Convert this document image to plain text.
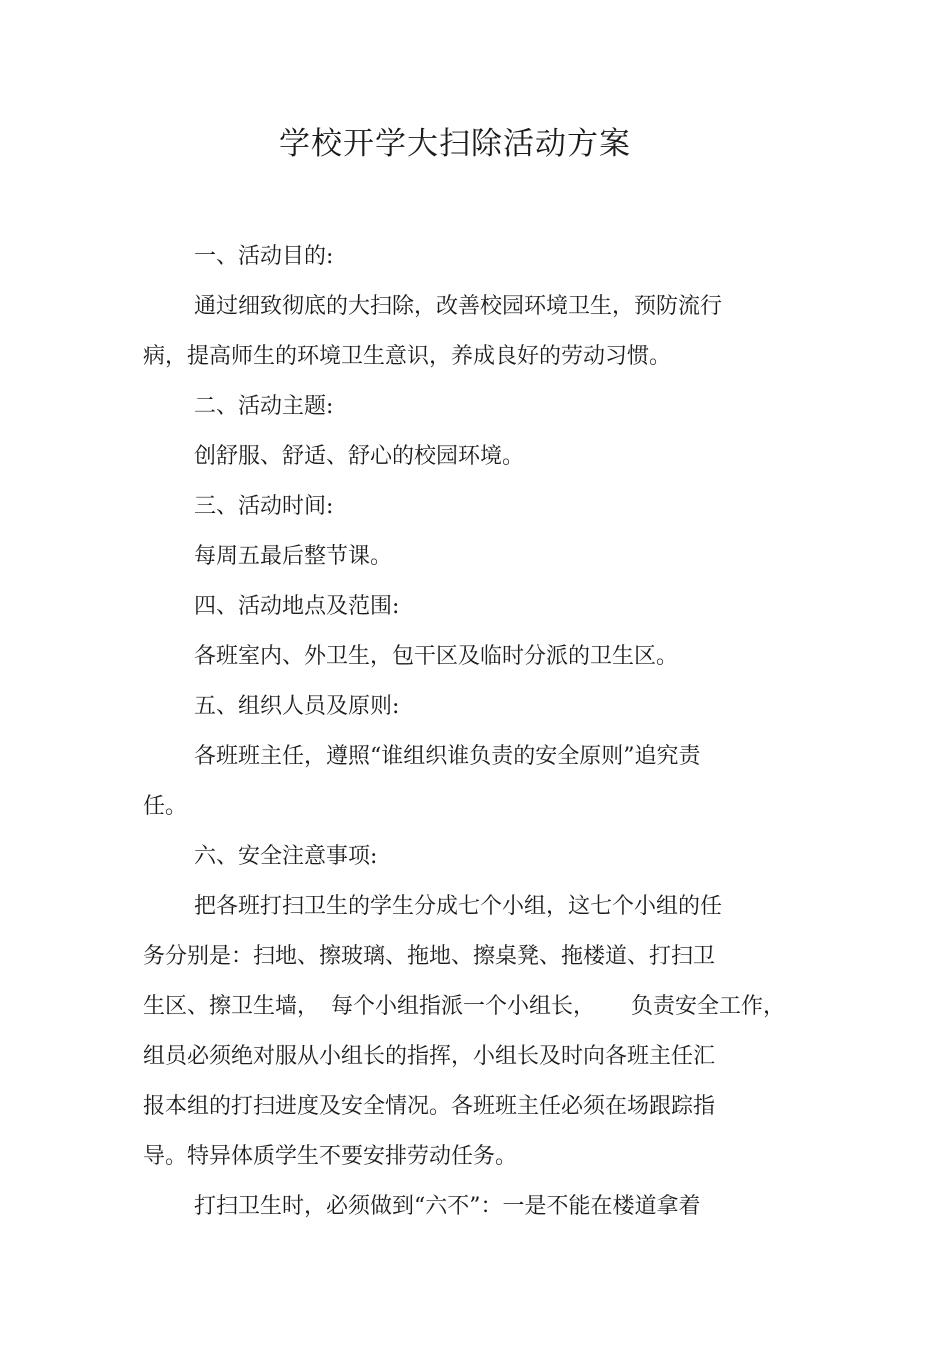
学校开学大扫除活动方案
一、活动目的:
通过细致彻底的大扫除，改善校园环境卫生，预防流行
病，提高师生的环境卫生意识，养成良好的劳动习惯。
二、活动主题:
创舒服、舒适、舒心的校园环境。
三、活动时间:
每周五最后整节课。
四、活动地点及范围:
各班室内、外卫生，包干区及临时分派的卫生区。
五、组织人员及原则:
各班班主任，遵照“谁组织谁负责的安全原则”追究责
任。
六、安全注意事项:
把各班打扫卫生的学生分成七个小组，这七个小组的任
务分别是：扫地、擦玻璃、拖地、擦桌凳、拖楼道、打扫卫
生区、擦卫生墙， 每个小组指派一个小组长， 负责安全工作，
组员必须绝对服从小组长的指挥，小组长及时向各班主任汇
报本组的打扫进度及安全情况。各班班主任必须在场跟踪指
导。特异体质学生不要安排劳动任务。
打扫卫生时，必须做到“六不”：一是不能在楼道拿着
